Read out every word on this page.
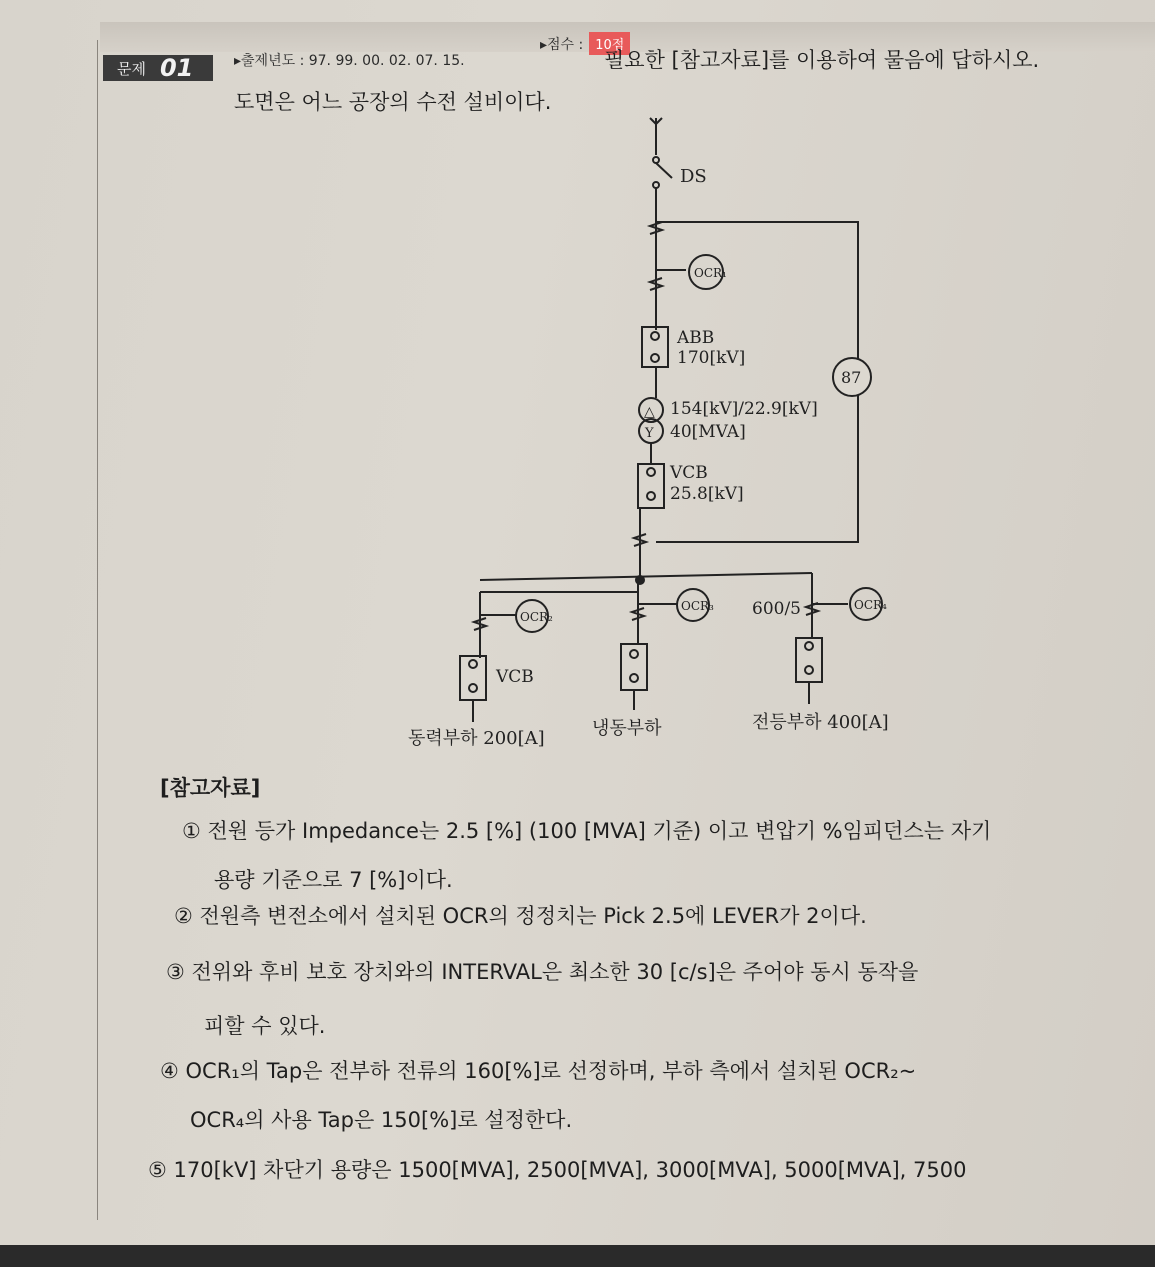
문제 01	▸출제년도 : 97. 99. 00. 02. 07. 15.
▸점수 : 10점
필요한 [참고자료]를 이용하여 물음에 답하시오.
도면은 어느 공장의 수전 설비이다.
DS
OCR₁
ABB
170[kV]
87
△
Y
154[kV]/22.9[kV]
40[MVA]
VCB
25.8[kV]
OCR₂
VCB
OCR₃	OCR₄
600/5
동력부하 200[A]	냉동부하	전등부하 400[A]
[참고자료]
① 전원 등가 Impedance는 2.5 [%] (100 [MVA] 기준) 이고 변압기 %임피던스는 자기
용량 기준으로 7 [%]이다.
② 전원측 변전소에서 설치된 OCR의 정정치는 Pick 2.5에 LEVER가 2이다.
③ 전위와 후비 보호 장치와의 INTERVAL은 최소한 30 [c/s]은 주어야 동시 동작을
피할 수 있다.
④ OCR₁의 Tap은 전부하 전류의 160[%]로 선정하며, 부하 측에서 설치된 OCR₂~
OCR₄의 사용 Tap은 150[%]로 설정한다.
⑤ 170[kV] 차단기 용량은 1500[MVA], 2500[MVA], 3000[MVA], 5000[MVA], 7500
